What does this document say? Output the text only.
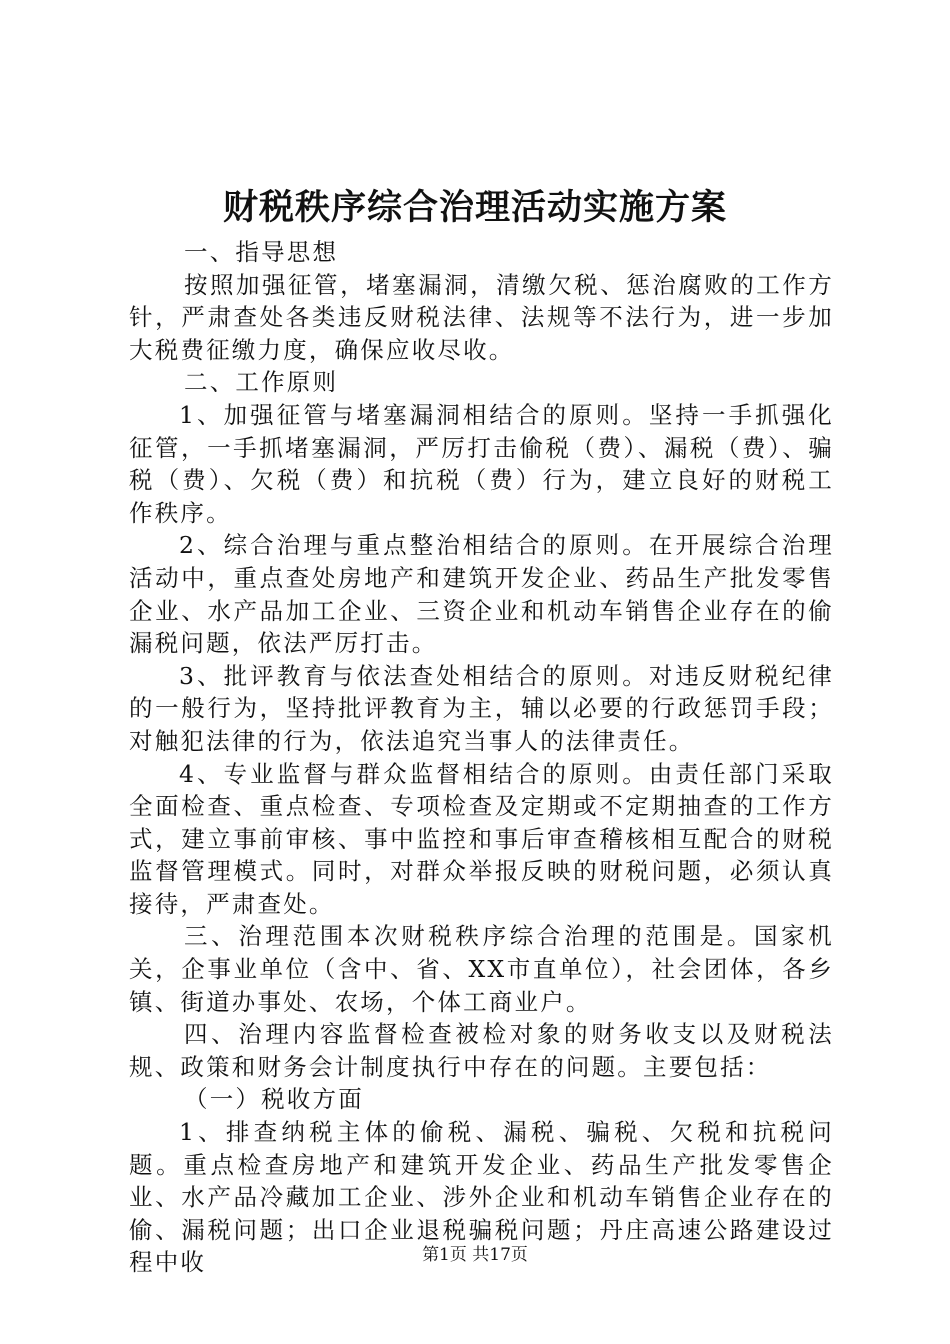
财税秩序综合治理活动实施方案

一、指导思想

按照加强征管，堵塞漏洞，清缴欠税、惩治腐败的工作方针，严肃查处各类违反财税法律、法规等不法行为，进一步加大税费征缴力度，确保应收尽收。

二、工作原则

1、加强征管与堵塞漏洞相结合的原则。坚持一手抓强化征管，一手抓堵塞漏洞，严厉打击偷税（费）、漏税（费）、骗税（费）、欠税（费）和抗税（费）行为，建立良好的财税工作秩序。

2、综合治理与重点整治相结合的原则。在开展综合治理活动中，重点查处房地产和建筑开发企业、药品生产批发零售企业、水产品加工企业、三资企业和机动车销售企业存在的偷漏税问题，依法严厉打击。

3、批评教育与依法查处相结合的原则。对违反财税纪律的一般行为，坚持批评教育为主，辅以必要的行政惩罚手段；对触犯法律的行为，依法追究当事人的法律责任。

4、专业监督与群众监督相结合的原则。由责任部门采取全面检查、重点检查、专项检查及定期或不定期抽查的工作方式，建立事前审核、事中监控和事后审查稽核相互配合的财税监督管理模式。同时，对群众举报反映的财税问题，必须认真接待，严肃查处。

三、治理范围本次财税秩序综合治理的范围是。国家机关，企事业单位（含中、省、XX市直单位），社会团体，各乡镇、街道办事处、农场，个体工商业户。

四、治理内容监督检查被检对象的财务收支以及财税法规、政策和财务会计制度执行中存在的问题。主要包括：

（一）税收方面

1、排查纳税主体的偷税、漏税、骗税、欠税和抗税问题。重点检查房地产和建筑开发企业、药品生产批发零售企业、水产品冷藏加工企业、涉外企业和机动车销售企业存在的偷、漏税问题；出口企业退税骗税问题；丹庄高速公路建设过程中收	第1页 共17页
